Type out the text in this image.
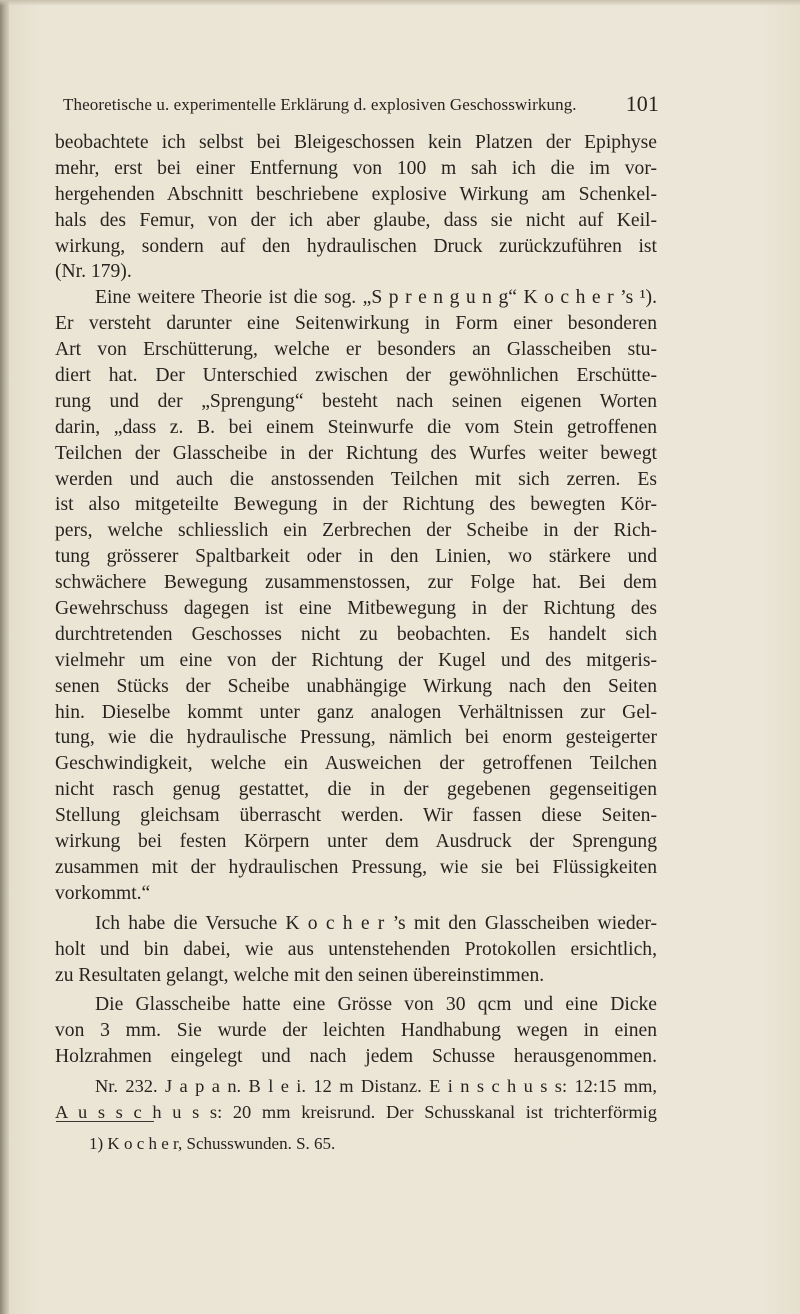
Theoretische u. experimentelle Erklärung d. explosiven Geschosswirkung. 101
beobachtete ich selbst bei Bleigeschossen kein Platzen der Epiphyse
mehr, erst bei einer Entfernung von 100 m sah ich die im vor-
hergehenden Abschnitt beschriebene explosive Wirkung am Schenkel-
hals des Femur, von der ich aber glaube, dass sie nicht auf Keil-
wirkung, sondern auf den hydraulischen Druck zurückzuführen ist
(Nr. 179).
Eine weitere Theorie ist die sog. „S p r e n g u n g“ K o c h e r ’s ¹).
Er versteht darunter eine Seitenwirkung in Form einer besonderen
Art von Erschütterung, welche er besonders an Glasscheiben stu-
diert hat. Der Unterschied zwischen der gewöhnlichen Erschütte-
rung und der „Sprengung“ besteht nach seinen eigenen Worten
darin, „dass z. B. bei einem Steinwurfe die vom Stein getroffenen
Teilchen der Glasscheibe in der Richtung des Wurfes weiter bewegt
werden und auch die anstossenden Teilchen mit sich zerren. Es
ist also mitgeteilte Bewegung in der Richtung des bewegten Kör-
pers, welche schliesslich ein Zerbrechen der Scheibe in der Rich-
tung grösserer Spaltbarkeit oder in den Linien, wo stärkere und
schwächere Bewegung zusammenstossen, zur Folge hat. Bei dem
Gewehrschuss dagegen ist eine Mitbewegung in der Richtung des
durchtretenden Geschosses nicht zu beobachten. Es handelt sich
vielmehr um eine von der Richtung der Kugel und des mitgeris-
senen Stücks der Scheibe unabhängige Wirkung nach den Seiten
hin. Dieselbe kommt unter ganz analogen Verhältnissen zur Gel-
tung, wie die hydraulische Pressung, nämlich bei enorm gesteigerter
Geschwindigkeit, welche ein Ausweichen der getroffenen Teilchen
nicht rasch genug gestattet, die in der gegebenen gegenseitigen
Stellung gleichsam überrascht werden. Wir fassen diese Seiten-
wirkung bei festen Körpern unter dem Ausdruck der Sprengung
zusammen mit der hydraulischen Pressung, wie sie bei Flüssigkeiten
vorkommt.“
Ich habe die Versuche K o c h e r ’s mit den Glasscheiben wieder-
holt und bin dabei, wie aus untenstehenden Protokollen ersichtlich,
zu Resultaten gelangt, welche mit den seinen übereinstimmen.
Die Glasscheibe hatte eine Grösse von 30 qcm und eine Dicke
von 3 mm. Sie wurde der leichten Handhabung wegen in einen
Holzrahmen eingelegt und nach jedem Schusse herausgenommen.
Nr. 232. J a p a n. B l e i. 12 m Distanz. E i n s c h u s s: 12:15 mm,
A u s s c h u s s: 20 mm kreisrund. Der Schusskanal ist trichterförmig
1) K o c h e r, Schusswunden. S. 65.
